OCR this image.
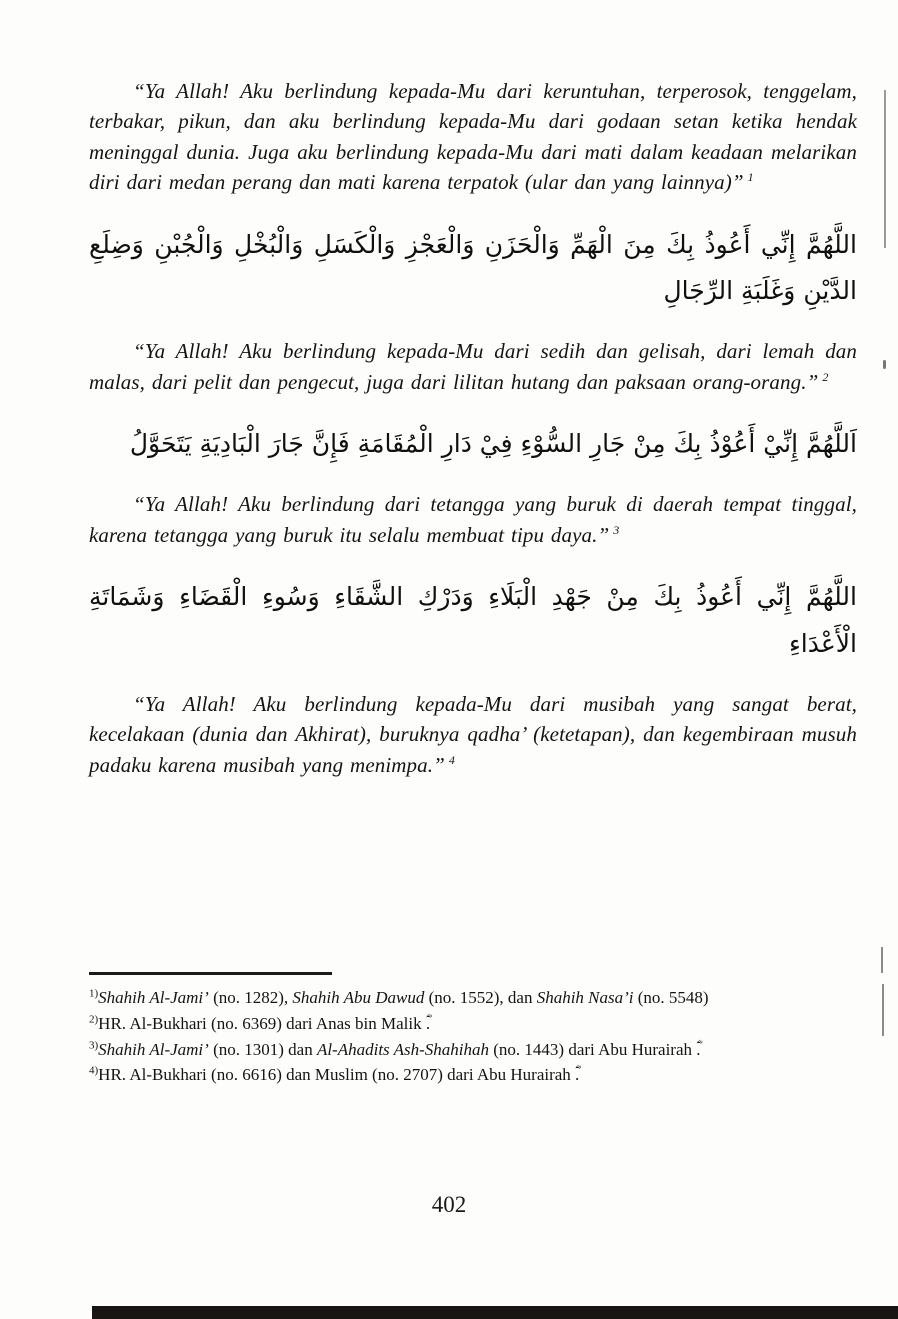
“Ya Allah! Aku berlindung kepada-Mu dari keruntuhan, terperosok, tenggelam, terbakar, pikun, dan aku berlindung kepada-Mu dari godaan setan ketika hendak meninggal dunia. Juga aku berlindung kepada-Mu dari mati dalam keadaan melarikan diri dari medan perang dan mati karena terpatok (ular dan yang lainnya)” $^1$

اللَّهُمَّ إِنِّي أَعُوذُ بِكَ مِنَ الْهَمِّ وَالْحَزَنِ وَالْعَجْزِ وَالْكَسَلِ وَالْبُخْلِ وَالْجُبْنِ وَضِلَعِ الدَّيْنِ وَغَلَبَةِ الرِّجَالِ

“Ya Allah! Aku berlindung kepada-Mu dari sedih dan gelisah, dari lemah dan malas, dari pelit dan pengecut, juga dari lilitan hutang dan paksaan orang-orang.” $^2$

اَللَّهُمَّ إِنِّيْ أَعُوْذُ بِكَ مِنْ جَارِ السُّوْءِ فِيْ دَارِ الْمُقَامَةِ فَإِنَّ جَارَ الْبَادِيَةِ يَتَحَوَّلُ

“Ya Allah! Aku berlindung dari tetangga yang buruk di daerah tempat tinggal, karena tetangga yang buruk itu selalu membuat tipu daya.” $^3$

اللَّهُمَّ إِنِّي أَعُوذُ بِكَ مِنْ جَهْدِ الْبَلَاءِ وَدَرْكِ الشَّقَاءِ وَسُوءِ الْقَضَاءِ وَشَمَاتَةِ الْأَعْدَاءِ

“Ya Allah! Aku berlindung kepada-Mu dari musibah yang sangat berat, kecelakaan (dunia dan Akhirat), buruknya qadha’ (ketetapan), dan kegembiraan musuh padaku karena musibah yang menimpa.” $^4$

$^{1)}$Shahih Al-Jami’ (no. 1282), Shahih Abu Dawud (no. 1552), dan Shahih Nasa’i (no. 5548)

$^{2)}$HR. Al-Bukhari (no. 6369) dari Anas bin Malik ؓ.

$^{3)}$Shahih Al-Jami’ (no. 1301) dan Al-Ahadits Ash-Shahihah (no. 1443) dari Abu Hurairah ؓ.

$^{4)}$HR. Al-Bukhari (no. 6616) dan Muslim (no. 2707) dari Abu Hurairah ؓ.

402
